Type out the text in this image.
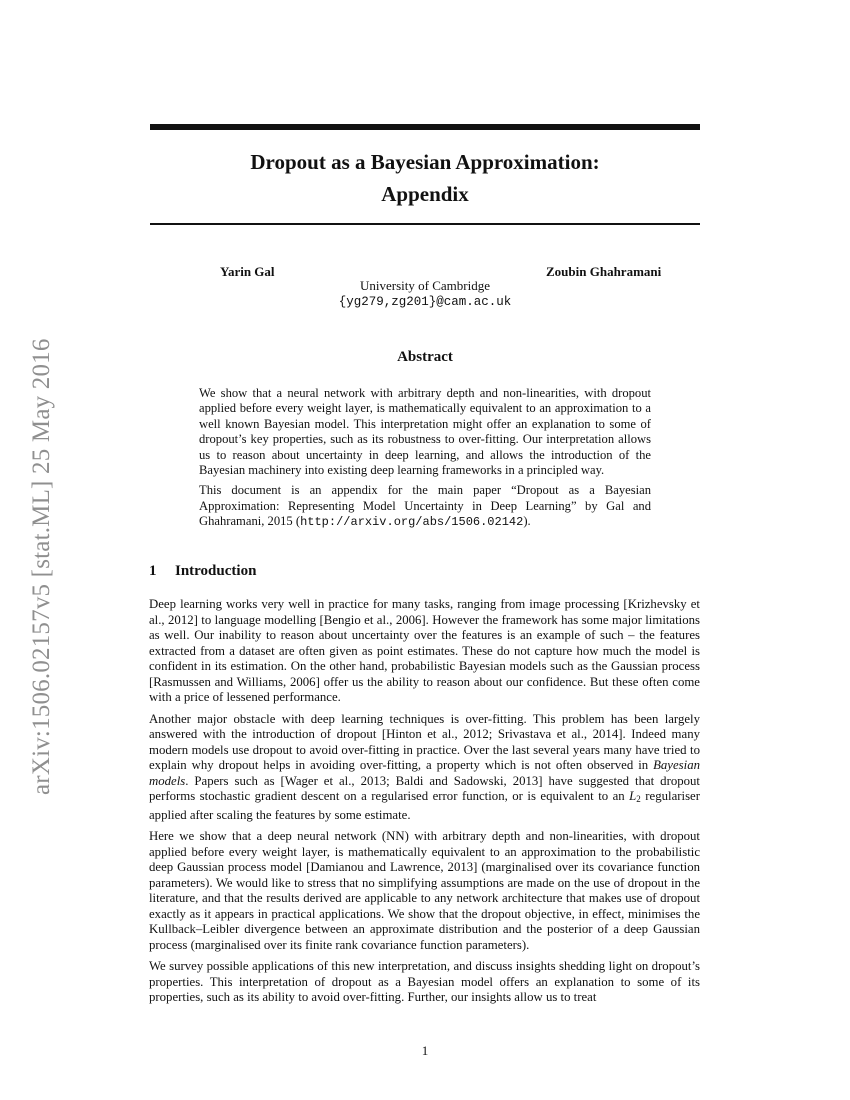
arXiv:1506.02157v5 [stat.ML] 25 May 2016
Dropout as a Bayesian Approximation:
Appendix
Yarin Gal	Zoubin Ghahramani
University of Cambridge
{yg279,zg201}@cam.ac.uk
Abstract

We show that a neural network with arbitrary depth and non-linearities, with dropout applied before every weight layer, is mathematically equivalent to an approximation to a well known Bayesian model. This interpretation might offer an explanation to some of dropout’s key properties, such as its robustness to over-fitting. Our interpretation allows us to reason about uncertainty in deep learning, and allows the introduction of the Bayesian machinery into existing deep learning frameworks in a principled way.

This document is an appendix for the main paper “Dropout as a Bayesian Approximation: Representing Model Uncertainty in Deep Learning” by Gal and Ghahramani, 2015 (http://arxiv.org/abs/1506.02142).

1 Introduction

Deep learning works very well in practice for many tasks, ranging from image processing [Krizhevsky et al., 2012] to language modelling [Bengio et al., 2006]. However the framework has some major limitations as well. Our inability to reason about uncertainty over the features is an example of such – the features extracted from a dataset are often given as point estimates. These do not capture how much the model is confident in its estimation. On the other hand, probabilistic Bayesian models such as the Gaussian process [Rasmussen and Williams, 2006] offer us the ability to reason about our confidence. But these often come with a price of lessened performance.

Another major obstacle with deep learning techniques is over-fitting. This problem has been largely answered with the introduction of dropout [Hinton et al., 2012; Srivastava et al., 2014]. Indeed many modern models use dropout to avoid over-fitting in practice. Over the last several years many have tried to explain why dropout helps in avoiding over-fitting, a property which is not often observed in Bayesian models. Papers such as [Wager et al., 2013; Baldi and Sadowski, 2013] have suggested that dropout performs stochastic gradient descent on a regularised error function, or is equivalent to an $L_2$ regulariser applied after scaling the features by some estimate.

Here we show that a deep neural network (NN) with arbitrary depth and non-linearities, with dropout applied before every weight layer, is mathematically equivalent to an approximation to the probabilistic deep Gaussian process model [Damianou and Lawrence, 2013] (marginalised over its covariance function parameters). We would like to stress that no simplifying assumptions are made on the use of dropout in the literature, and that the results derived are applicable to any network architecture that makes use of dropout exactly as it appears in practical applications. We show that the dropout objective, in effect, minimises the Kullback–Leibler divergence between an approximate distribution and the posterior of a deep Gaussian process (marginalised over its finite rank covariance function parameters).

We survey possible applications of this new interpretation, and discuss insights shedding light on dropout’s properties. This interpretation of dropout as a Bayesian model offers an explanation to some of its properties, such as its ability to avoid over-fitting. Further, our insights allow us to treat

1
